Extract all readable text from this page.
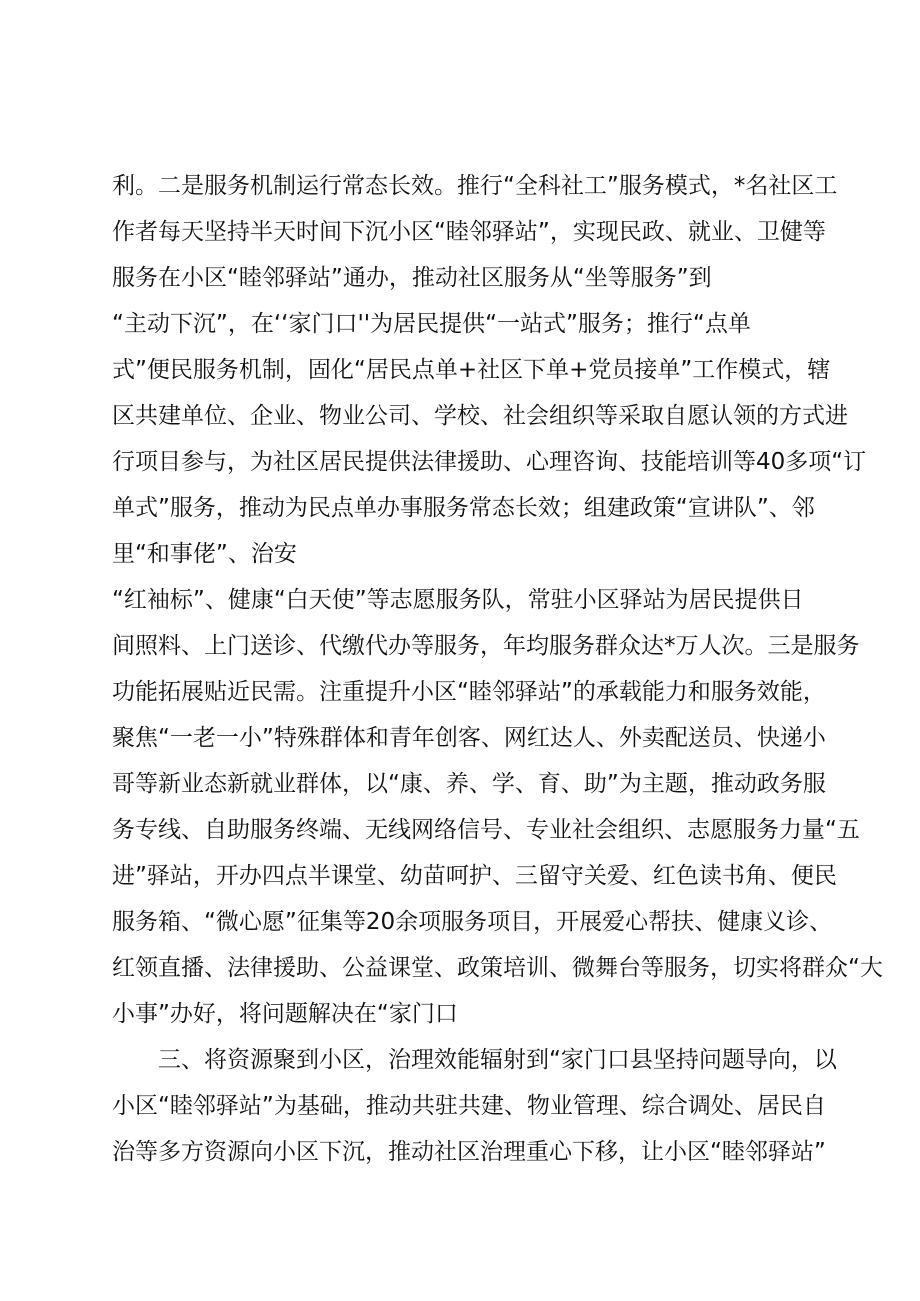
利。二是服务机制运行常态长效。推行“全科社工”服务模式，*名社区工
作者每天坚持半天时间下沉小区“睦邻驿站”，实现民政、就业、卫健等
服务在小区“睦邻驿站”通办，推动社区服务从“坐等服务”到
“主动下沉”，在‘‘家门口''为居民提供“一站式”服务；推行“点单
式”便民服务机制，固化“居民点单+社区下单+党员接单”工作模式，辖
区共建单位、企业、物业公司、学校、社会组织等采取自愿认领的方式进
行项目参与，为社区居民提供法律援助、心理咨询、技能培训等40多项“订
单式”服务，推动为民点单办事服务常态长效；组建政策“宣讲队”、邻
里“和事佬”、治安
“红袖标”、健康“白天使”等志愿服务队，常驻小区驿站为居民提供日
间照料、上门送诊、代缴代办等服务，年均服务群众达*万人次。三是服务
功能拓展贴近民需。注重提升小区“睦邻驿站”的承载能力和服务效能，
聚焦“一老一小”特殊群体和青年创客、网红达人、外卖配送员、快递小
哥等新业态新就业群体，以“康、养、学、育、助”为主题，推动政务服
务专线、自助服务终端、无线网络信号、专业社会组织、志愿服务力量“五
进”驿站，开办四点半课堂、幼苗呵护、三留守关爱、红色读书角、便民
服务箱、“微心愿”征集等20余项服务项目，开展爱心帮扶、健康义诊、
红领直播、法律援助、公益课堂、政策培训、微舞台等服务，切实将群众“大
小事”办好，将问题解决在“家门口
三、将资源聚到小区，治理效能辐射到“家门口县坚持问题导向，以
小区“睦邻驿站”为基础，推动共驻共建、物业管理、综合调处、居民自
治等多方资源向小区下沉，推动社区治理重心下移，让小区“睦邻驿站”
